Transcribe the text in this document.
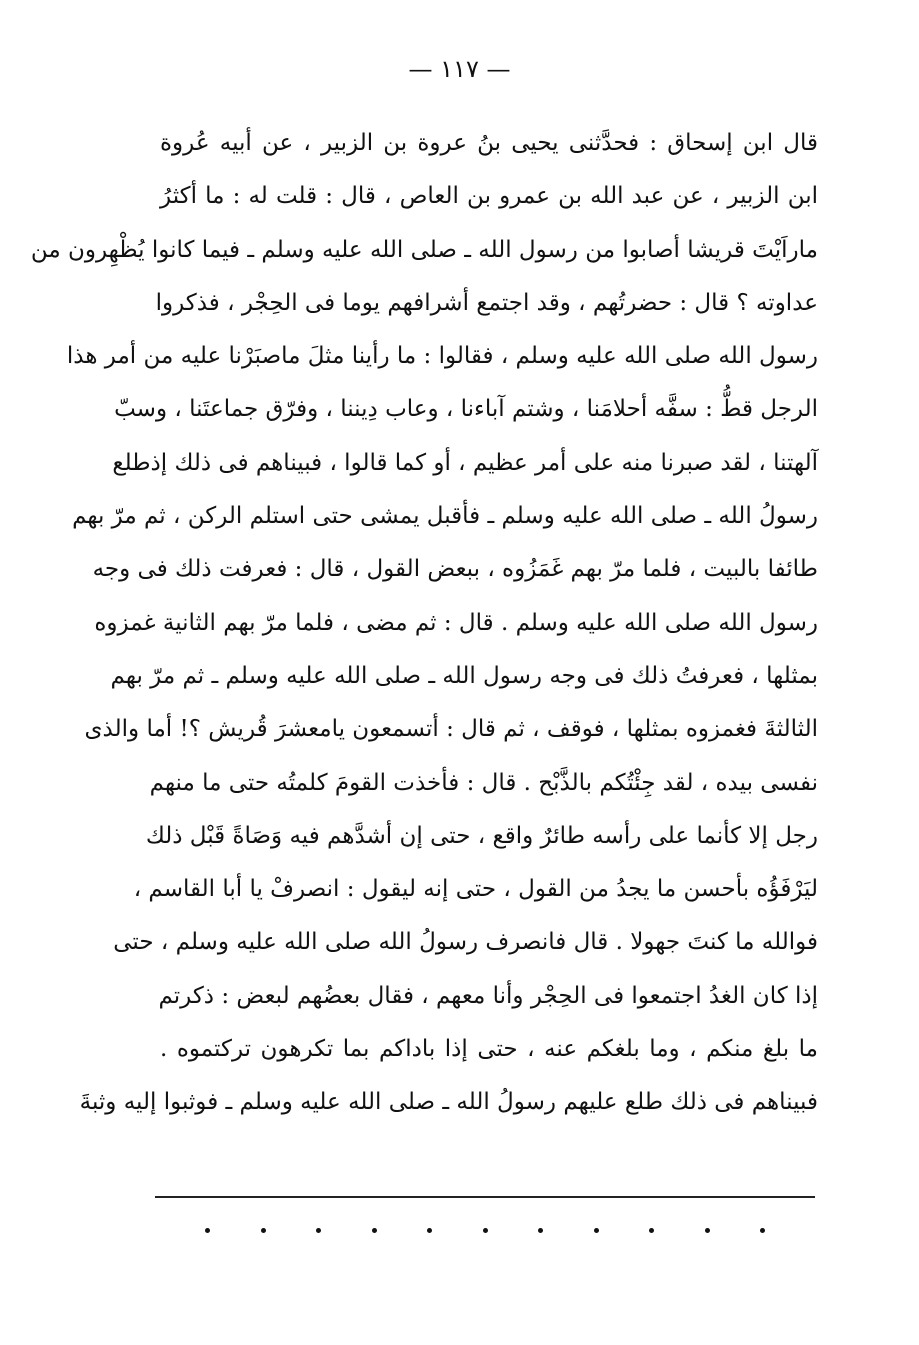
— ١١٧ —
قال ابن إسحاق : فحدَّثنى يحيى بنُ عروة بن الزبير ، عن أبيه عُروة
ابن الزبير ، عن عبد الله بن عمرو بن العاص ، قال : قلت له : ما أكثرُ
ماراَيْتَ قريشا أصابوا من رسول الله ـ صلى الله عليه وسلم ـ فيما كانوا يُظْهِرون من
عداوته ؟ قال : حضرتُهم ، وقد اجتمع أشرافهم يوما فى الحِجْر ، فذكروا
رسول الله صلى الله عليه وسلم ، فقالوا : ما رأينا مثلَ ماصبَرْنا عليه من أمر هذا
الرجل قطُّ : سفَّه أحلامَنا ، وشتم آباءنا ، وعاب دِيننا ، وفرّق جماعتَنا ، وسبّ
آلهتنا ، لقد صبرنا منه على أمر عظيم ، أو كما قالوا ، فبيناهم فى ذلك إذطلع
رسولُ الله ـ صلى الله عليه وسلم ـ فأقبل يمشى حتى استلم الركن ، ثم مرّ بهم
طائفا بالبيت ، فلما مرّ بهم غَمَزُوه ، ببعض القول ، قال : فعرفت ذلك فى وجه
رسول الله صلى الله عليه وسلم . قال : ثم مضى ، فلما مرّ بهم الثانية غمزوه
بمثلها ، فعرفتُ ذلك فى وجه رسول الله ـ صلى الله عليه وسلم ـ ثم مرّ بهم
الثالثةَ فغمزوه بمثلها ، فوقف ، ثم قال : أتسمعون يامعشرَ قُريش ؟! أما والذى
نفسى بيده ، لقد جِئْتُكم بالذَّبْح . قال : فأخذت القومَ كلمتُه حتى ما منهم
رجل إلا كأنما على رأسه طائرٌ واقع ، حتى إن أشدَّهم فيه وَصَاةً قَبْل ذلك
ليَرْفَؤُه بأحسن ما يجدُ من القول ، حتى إنه ليقول : انصرفْ يا أبا القاسم ،
فوالله ما كنتَ جهولا . قال فانصرف رسولُ الله صلى الله عليه وسلم ، حتى
إذا كان الغدُ اجتمعوا فى الحِجْر وأنا معهم ، فقال بعضُهم لبعض : ذكرتم
ما بلغ منكم ، وما بلغكم عنه ، حتى إذا باداكم بما تكرهون تركتموه .
فبيناهم فى ذلك طلع عليهم رسولُ الله ـ صلى الله عليه وسلم ـ فوثبوا إليه وثبةَ
